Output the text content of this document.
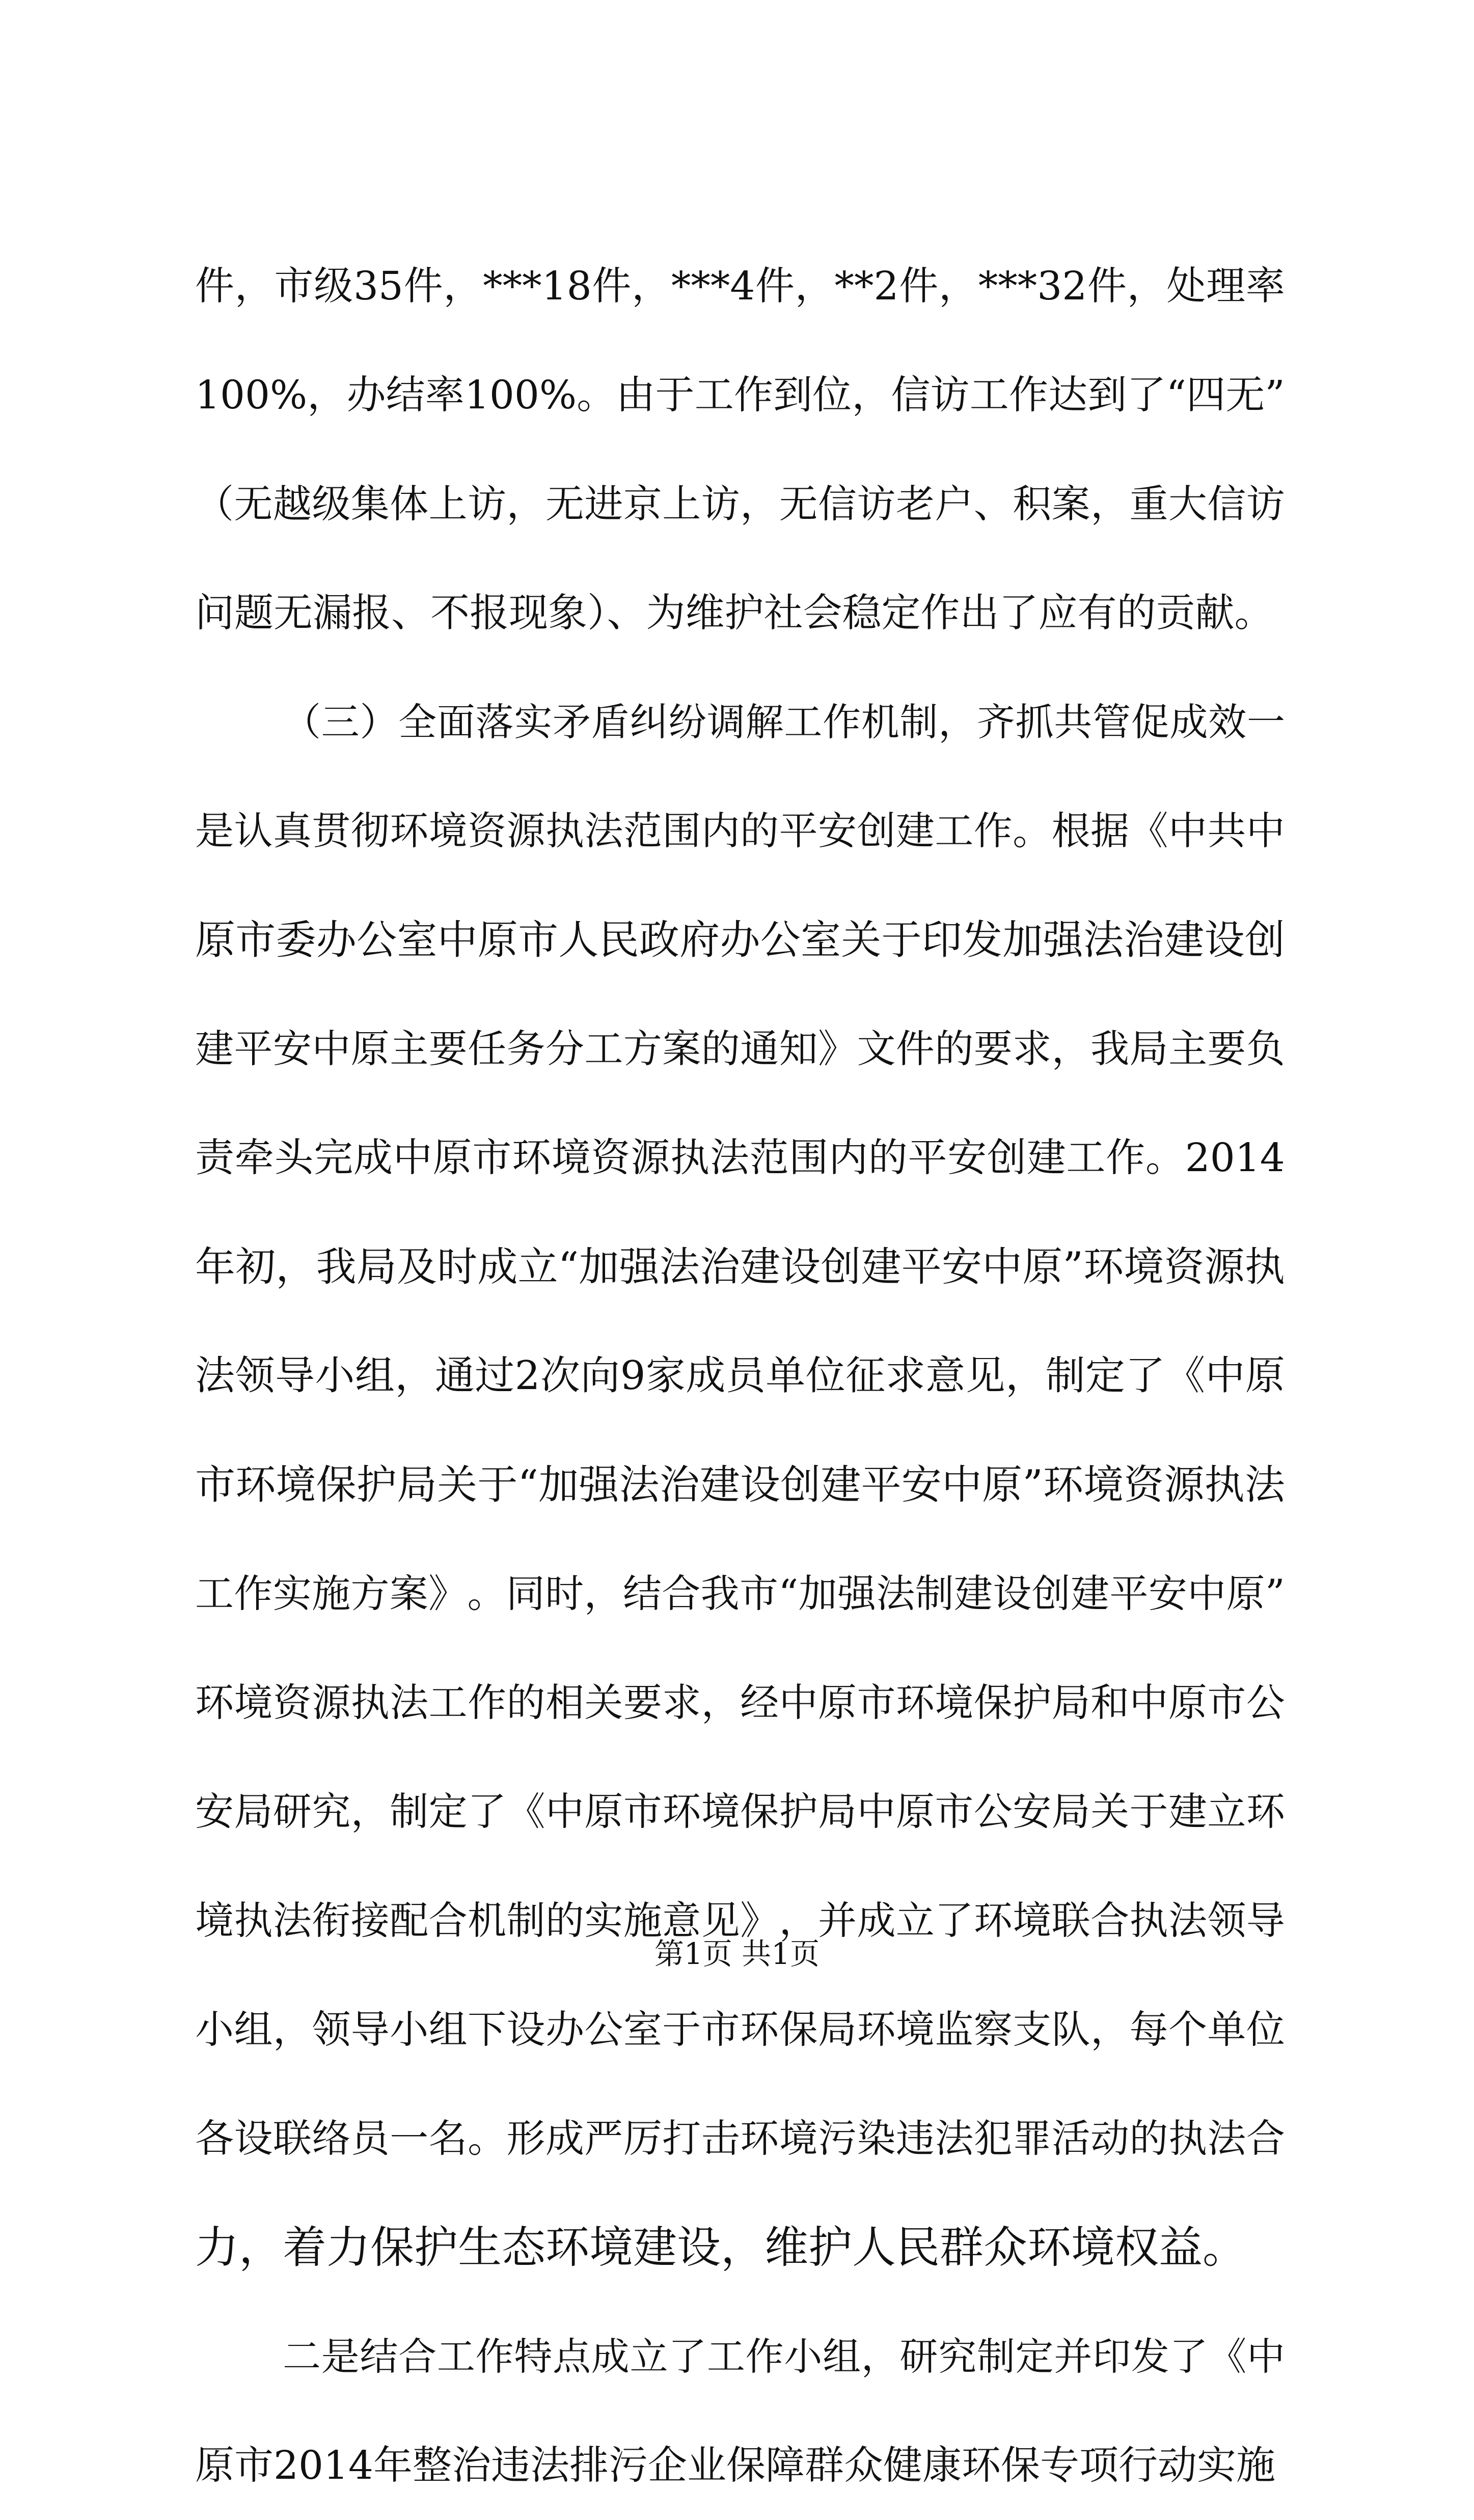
件 ， 市 级 35 件 ， ***18 件 ， ***4 件 ， **2 件 ， ***32 件 ， 处 理 率
100% ， 办 结 率 100% 。 由 于 工 作 到 位 ， 信 访 工 作 达 到 了 “ 四 无 ”
（ 无 越 级 集 体 上 访 ， 无 进 京 上 访 ， 无 信 访 老 户 、 积 案 ， 重 大 信 访
问题无漏报、不报现象）、为维护社会稳定作出了应有的贡献。
（ 三 ） 全 面 落 实 矛 盾 纠 纷 调 解 工 作 机 制 ， 齐 抓 共 管 促 成 效 一
是 认 真 贯 彻 环 境 资 源 执 法 范 围 内 的 平 安 创 建 工 作 。 根 据 《 中 共 中
原 市 委 办 公 室 中 原 市 人 民 政 府 办 公 室 关 于 印 发 加 强 法 治 建 设 创
建 平 安 中 原 主 要 任 务 分 工 方 案 的 通 知 》 文 件 的 要 求 ， 我 局 主 要 负
责 牵 头 完 成 中 原 市 环 境 资 源 执 法 范 围 内 的 平 安 创 建 工 作 。 2014
年 初 ， 我 局 及 时 成 立 “ 加 强 法 治 建 设 创 建 平 安 中 原 ” 环 境 资 源 执
法 领 导 小 组 ， 通 过 2 次 向 9 家 成 员 单 位 征 求 意 见 ， 制 定 了 《 中 原
市 环 境 保 护 局 关 于 “ 加 强 法 治 建 设 创 建 平 安 中 原 ” 环 境 资 源 执 法
工 作 实 施 方 案 》 。 同 时 ， 结 合 我 市 “ 加 强 法 制 建 设 创 建 平 安 中 原 ”
环 境 资 源 执 法 工 作 的 相 关 要 求 ， 经 中 原 市 环 境 保 护 局 和 中 原 市 公
安 局 研 究 ， 制 定 了 《 中 原 市 环 境 保 护 局 中 原 市 公 安 局 关 于 建 立 环
境 执 法 衔 接 配 合 机 制 的 实 施 意 见 》 ， 并 成 立 了 环 境 联 合 执 法 领 导
小 组 ， 领 导 小 组 下 设 办 公 室 于 市 环 保 局 环 境 监 察 支 队 ， 每 个 单 位
各 设 联 络 员 一 名 。 形 成 严 厉 打 击 环 境 污 染 违 法 犯 罪 活 动 的 执 法 合
力，着力保护生态环境建设，维护人民群众环境权益。
二 是 结 合 工 作 特 点 成 立 了 工 作 小 组 ， 研 究 制 定 并 印 发 了 《 中
原市2014年整治违法排污企业保障群众健康环保专项行动实施
第1页 共1页
